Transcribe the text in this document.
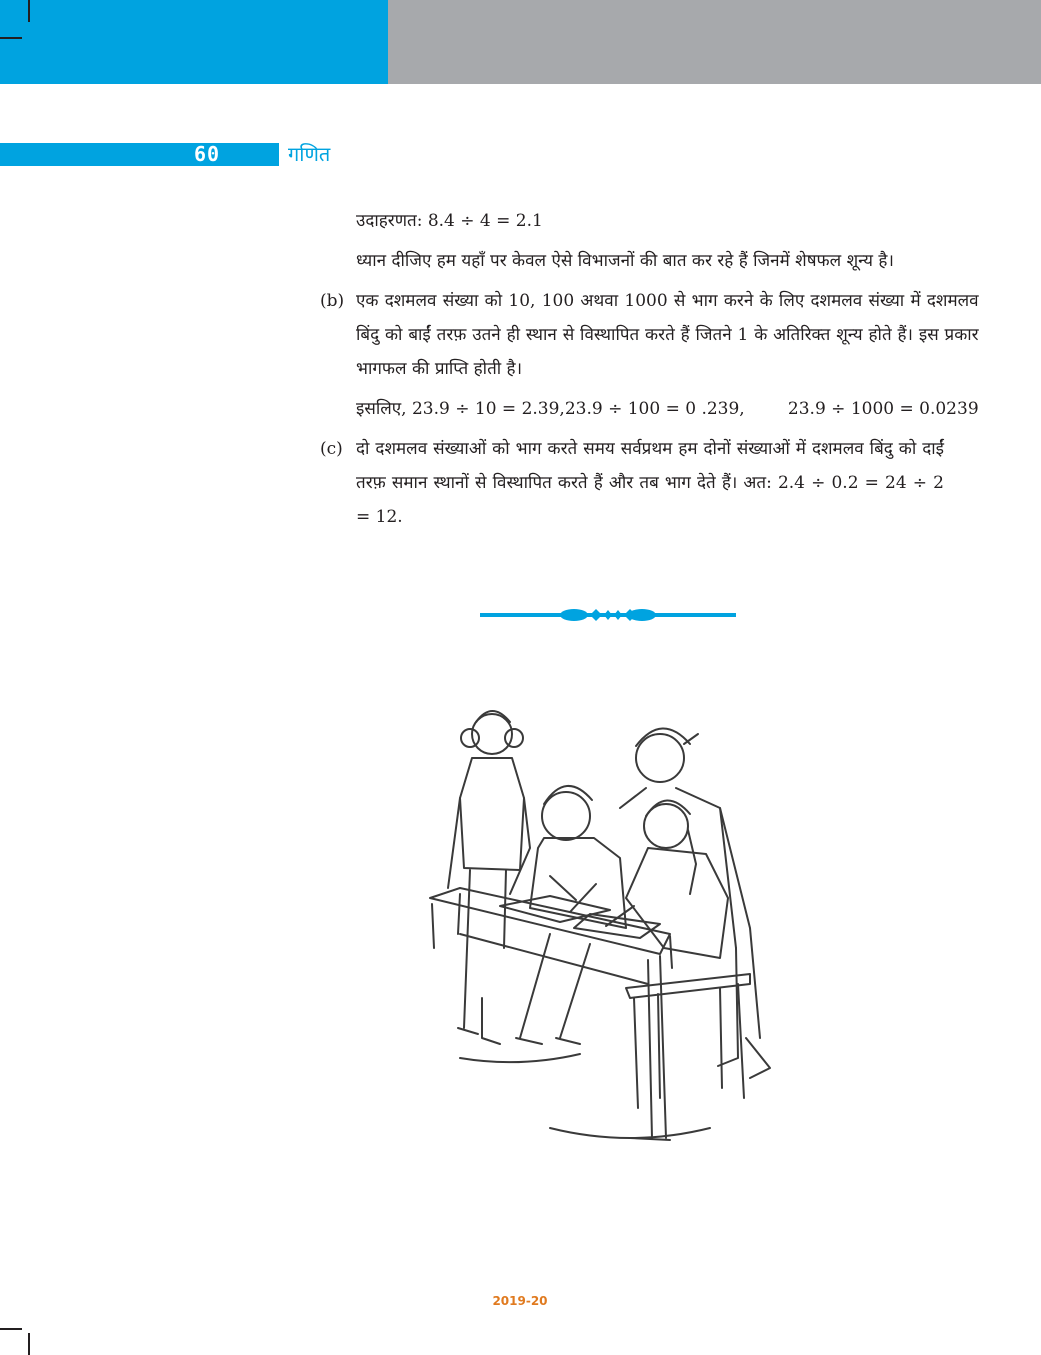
60	गणित

उदाहरणत: 8.4 ÷ 4 = 2.1

ध्यान दीजिए हम यहाँ पर केवल ऐसे विभाजनों की बात कर रहे हैं जिनमें शेषफल शून्य है।

(b) एक दशमलव संख्या को 10, 100 अथवा 1000 से भाग करने के लिए दशमलव संख्या में दशमलव बिंदु को बाईं तरफ़ उतने ही स्थान से विस्थापित करते हैं जितने 1 के अतिरिक्त शून्य होते हैं। इस प्रकार भागफल की प्राप्ति होती है।

इसलिए, 23.9 ÷ 10 = 2.39,23.9 ÷ 100 = 0 .239,        23.9 ÷ 1000 = 0.0239

(c) दो दशमलव संख्याओं को भाग करते समय सर्वप्रथम हम दोनों संख्याओं में दशमलव बिंदु को दाईं तरफ़ समान स्थानों से विस्थापित करते हैं और तब भाग देते हैं। अत: 2.4 ÷ 0.2 = 24 ÷ 2 = 12.

2019-20
